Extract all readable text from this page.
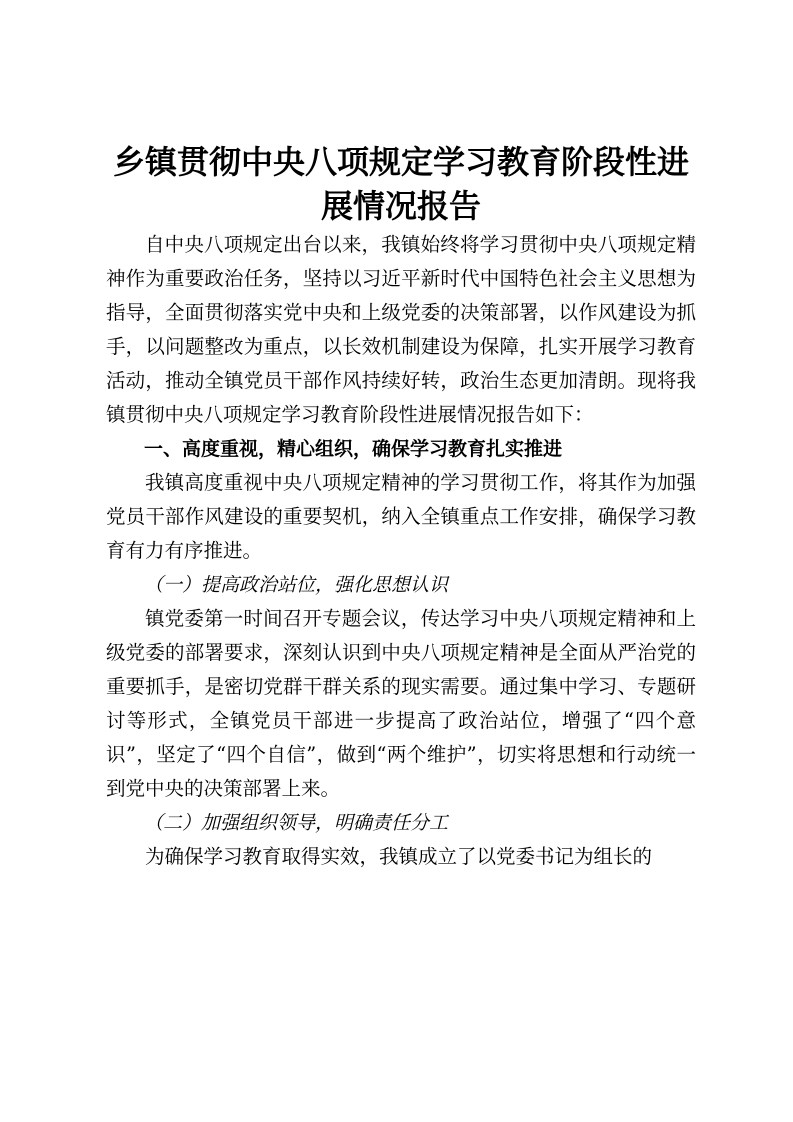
乡镇贯彻中央八项规定学习教育阶段性进展情况报告

自中央八项规定出台以来，我镇始终将学习贯彻中央八项规定精神作为重要政治任务，坚持以习近平新时代中国特色社会主义思想为指导，全面贯彻落实党中央和上级党委的决策部署，以作风建设为抓手，以问题整改为重点，以长效机制建设为保障，扎实开展学习教育活动，推动全镇党员干部作风持续好转，政治生态更加清朗。现将我镇贯彻中央八项规定学习教育阶段性进展情况报告如下：

一、高度重视，精心组织，确保学习教育扎实推进

我镇高度重视中央八项规定精神的学习贯彻工作，将其作为加强党员干部作风建设的重要契机，纳入全镇重点工作安排，确保学习教育有力有序推进。

（一）提高政治站位，强化思想认识

镇党委第一时间召开专题会议，传达学习中央八项规定精神和上级党委的部署要求，深刻认识到中央八项规定精神是全面从严治党的重要抓手，是密切党群干群关系的现实需要。通过集中学习、专题研讨等形式，全镇党员干部进一步提高了政治站位，增强了“四个意识”，坚定了“四个自信”，做到“两个维护”，切实将思想和行动统一到党中央的决策部署上来。

（二）加强组织领导，明确责任分工

为确保学习教育取得实效，我镇成立了以党委书记为组长的
